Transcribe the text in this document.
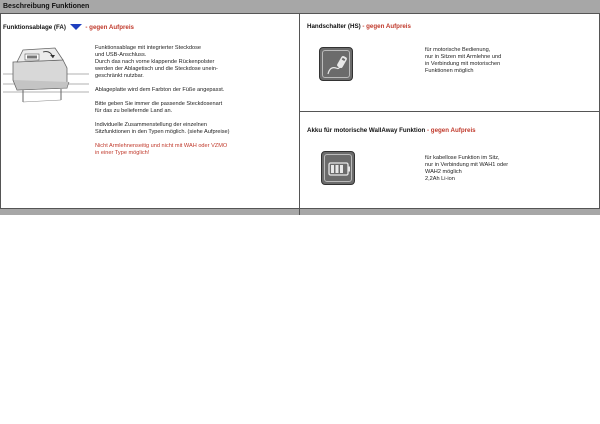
Beschreibung Funktionen
Funktionsablage (FA)	- gegen Aufpreis

Funktionsablage mit integrierter Steckdose
und USB-Anschluss.
Durch das nach vorne klappende Rückenpolster
werden der Ablagetisch und die Steckdose unein-
geschränkt nutzbar.

Ablageplatte wird dem Farbton der Füße angepasst.

Bitte geben Sie immer die passende Steckdosenart
für das zu beliefernde Land an.

Individuelle Zusammenstellung der einzelnen
Sitzfunktionen in den Typen möglich. (siehe Aufpreise)

Nicht Armlehnenseitig und nicht mit WAH oder VZMO
in einer Type möglich!

Handschalter (HS) - gegen Aufpreis
für motorische Bedienung,
nur in Sitzen mit Armlehne und
in Verbindung mit motorischen
Funktionen möglich
Akku für motorische WallAway Funktion - gegen Aufpreis
für kabellose Funktion im Sitz,
nur in Verbindung mit WAH1 oder
WAH2 möglich
2,2Ah Li-ion
